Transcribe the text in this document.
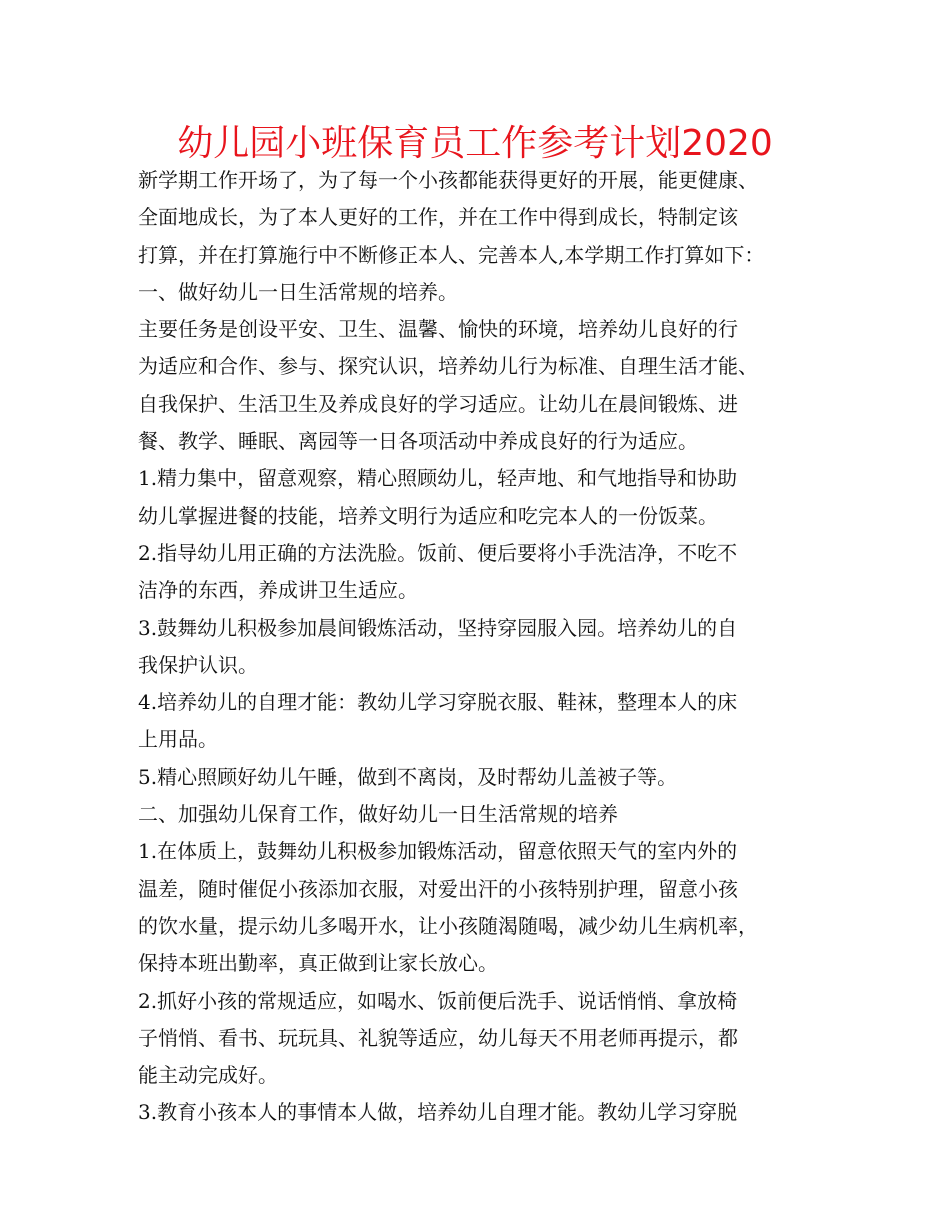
幼儿园小班保育员工作参考计划2020
新学期工作开场了，为了每一个小孩都能获得更好的开展，能更健康、
全面地成长，为了本人更好的工作，并在工作中得到成长，特制定该
打算，并在打算施行中不断修正本人、完善本人,本学期工作打算如下：
一、做好幼儿一日生活常规的培养。
主要任务是创设平安、卫生、温馨、愉快的环境，培养幼儿良好的行
为适应和合作、参与、探究认识，培养幼儿行为标准、自理生活才能、
自我保护、生活卫生及养成良好的学习适应。让幼儿在晨间锻炼、进
餐、教学、睡眠、离园等一日各项活动中养成良好的行为适应。
1.精力集中，留意观察，精心照顾幼儿，轻声地、和气地指导和协助
幼儿掌握进餐的技能，培养文明行为适应和吃完本人的一份饭菜。
2.指导幼儿用正确的方法洗脸。饭前、便后要将小手洗洁净，不吃不
洁净的东西，养成讲卫生适应。
3.鼓舞幼儿积极参加晨间锻炼活动，坚持穿园服入园。培养幼儿的自
我保护认识。
4.培养幼儿的自理才能：教幼儿学习穿脱衣服、鞋袜，整理本人的床
上用品。
5.精心照顾好幼儿午睡，做到不离岗，及时帮幼儿盖被子等。
二、加强幼儿保育工作，做好幼儿一日生活常规的培养
1.在体质上，鼓舞幼儿积极参加锻炼活动，留意依照天气的室内外的
温差，随时催促小孩添加衣服，对爱出汗的小孩特别护理，留意小孩
的饮水量，提示幼儿多喝开水，让小孩随渴随喝，减少幼儿生病机率，
保持本班出勤率，真正做到让家长放心。
2.抓好小孩的常规适应，如喝水、饭前便后洗手、说话悄悄、拿放椅
子悄悄、看书、玩玩具、礼貌等适应，幼儿每天不用老师再提示，都
能主动完成好。
3.教育小孩本人的事情本人做，培养幼儿自理才能。教幼儿学习穿脱
